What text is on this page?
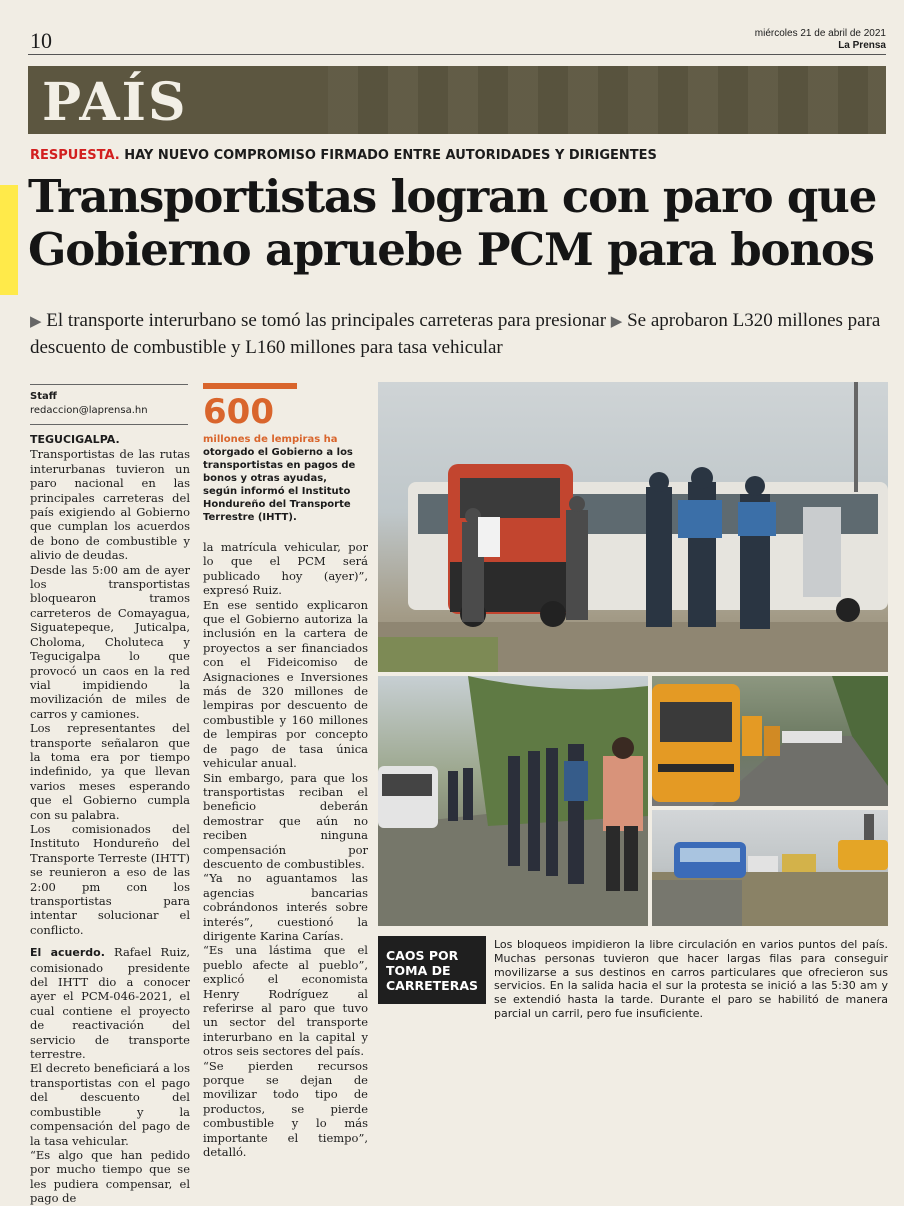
10	miércoles 21 de abril de 2021
La Prensa
PAÍS
RESPUESTA. HAY NUEVO COMPROMISO FIRMADO ENTRE AUTORIDADES Y DIRIGENTES
Transportistas logran con paro que
Gobierno apruebe PCM para bonos
▶ El transporte interurbano se tomó las principales carreteras para presionar ▶ Se aprobaron L320 millones para descuento de combustible y L160 millones para tasa vehicular
Staff
redaccion@laprensa.hn

TEGUCIGALPA. Transportistas de las rutas interurbanas tuvieron un paro nacional en las principales carreteras del país exigiendo al Gobierno que cumplan los acuerdos de bono de combustible y alivio de deudas.

Desde las 5:00 am de ayer los transportistas bloquearon tramos carreteros de Comayagua, Siguatepeque, Juticalpa, Choloma, Choluteca y Tegucigalpa lo que provocó un caos en la red vial impidiendo la movilización de miles de carros y camiones.

Los representantes del transporte señalaron que la toma era por tiempo indefinido, ya que llevan varios meses esperando que el Gobierno cumpla con su palabra.

Los comisionados del Instituto Hondureño del Transporte Terreste (IHTT) se reunieron a eso de las 2:00 pm con los transportistas para intentar solucionar el conflicto.

El acuerdo. Rafael Ruiz, comisionado presidente del IHTT dio a conocer ayer el PCM-046-2021, el cual contiene el proyecto de reactivación del servicio de transporte terrestre.

El decreto beneficiará a los transportistas con el pago del descuento del combustible y la compensación del pago de la tasa vehicular.

“Es algo que han pedido por mucho tiempo que se les pudiera compensar, el pago de

600
millones de lempiras ha otorgado el Gobierno a los transportistas en pagos de bonos y otras ayudas, según informó el Instituto Hondureño del Transporte Terrestre (IHTT).

la matrícula vehicular, por lo que el PCM será publicado hoy (ayer)”, expresó Ruiz.

En ese sentido explicaron que el Gobierno autoriza la inclusión en la cartera de proyectos a ser financiados con el Fideicomiso de Asignaciones e Inversiones más de 320 millones de lempiras por descuento de combustible y 160 millones de lempiras por concepto de pago de tasa única vehicular anual.

Sin embargo, para que los transportistas reciban el beneficio deberán demostrar que aún no reciben ninguna compensación por descuento de combustibles.

“Ya no aguantamos las agencias bancarias cobrándonos interés sobre interés”, cuestionó la dirigente Karina Carías.

“Es una lástima que el pueblo afecte al pueblo”, explicó el economista Henry Rodríguez al referirse al paro que tuvo un sector del transporte interurbano en la capital y otros seis sectores del país.

“Se pierden recursos porque se dejan de movilizar todo tipo de productos, se pierde combustible y lo más importante el tiempo”, detalló.

CAOS POR TOMA DE CARRETERAS
Los bloqueos impidieron la libre circulación en varios puntos del país. Muchas personas tuvieron que hacer largas filas para conseguir movilizarse a sus destinos en carros particulares que ofrecieron sus servicios. En la salida hacia el sur la protesta se inició a las 5:30 am y se extendió hasta la tarde. Durante el paro se habilitó de manera parcial un carril, pero fue insuficiente.
